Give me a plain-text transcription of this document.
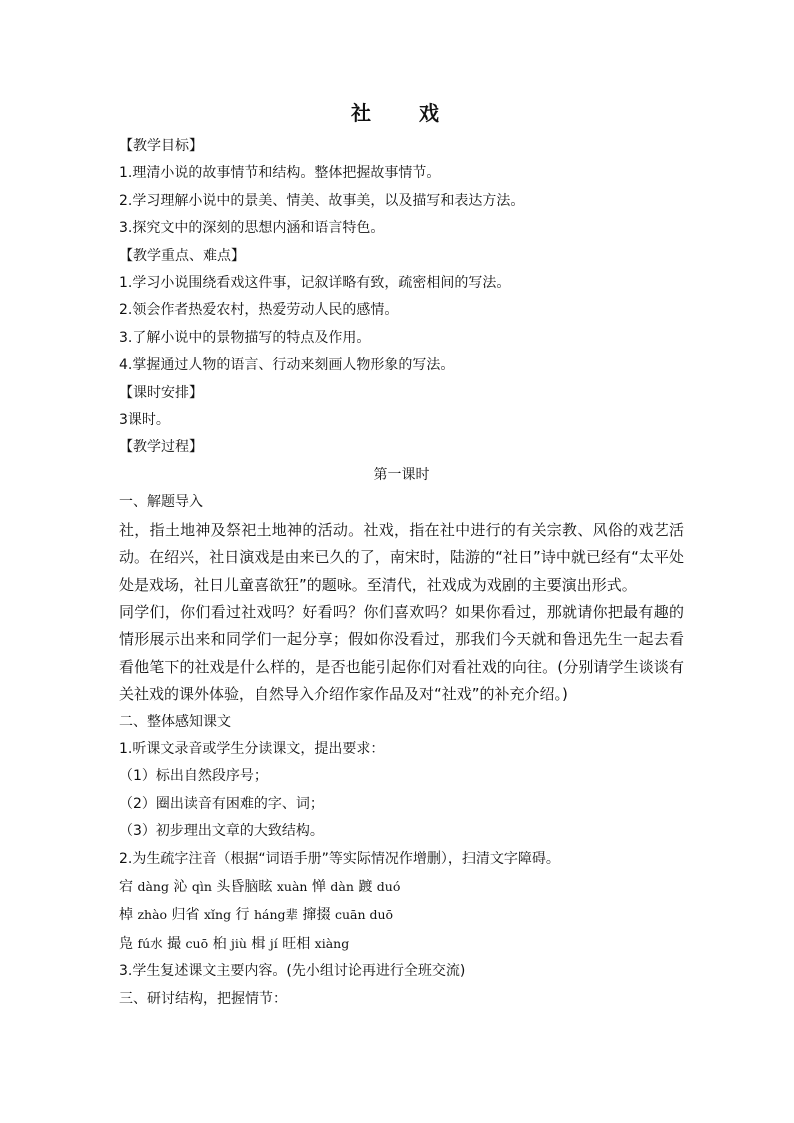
社　戏
【教学目标】
1.理清小说的故事情节和结构。整体把握故事情节。
2.学习理解小说中的景美、情美、故事美，以及描写和表达方法。
3.探究文中的深刻的思想内涵和语言特色。
【教学重点、难点】
1.学习小说围绕看戏这件事，记叙详略有致，疏密相间的写法。
2.领会作者热爱农村，热爱劳动人民的感情。
3.了解小说中的景物描写的特点及作用。
4.掌握通过人物的语言、行动来刻画人物形象的写法。
【课时安排】
3课时。
【教学过程】
第一课时
一、解题导入
社，指土地神及祭祀土地神的活动。社戏，指在社中进行的有关宗教、风俗的戏艺活动。在绍兴，社日演戏是由来已久的了，南宋时，陆游的“社日”诗中就已经有“太平处处是戏场，社日儿童喜欲狂”的题咏。至清代，社戏成为戏剧的主要演出形式。
同学们，你们看过社戏吗？好看吗？你们喜欢吗？如果你看过，那就请你把最有趣的情形展示出来和同学们一起分享；假如你没看过，那我们今天就和鲁迅先生一起去看看他笔下的社戏是什么样的，是否也能引起你们对看社戏的向往。(分别请学生谈谈有关社戏的课外体验，自然导入介绍作家作品及对“社戏”的补充介绍。)
二、整体感知课文
1.听课文录音或学生分读课文，提出要求：
（1）标出自然段序号；
（2）圈出读音有困难的字、词；
（3）初步理出文章的大致结构。
2.为生疏字注音（根据“词语手册”等实际情况作增删），扫清文字障碍。
宕 dàng 沁 qìn 头昏脑眩 xuàn 惮 dàn 踱 duó
棹 zhào 归省 xǐng 行 háng辈 撺掇 cuān duō
凫 fú水 撮 cuō 桕 jiù 楫 jí 旺相 xiàng
3.学生复述课文主要内容。(先小组讨论再进行全班交流)
三、研讨结构，把握情节：
